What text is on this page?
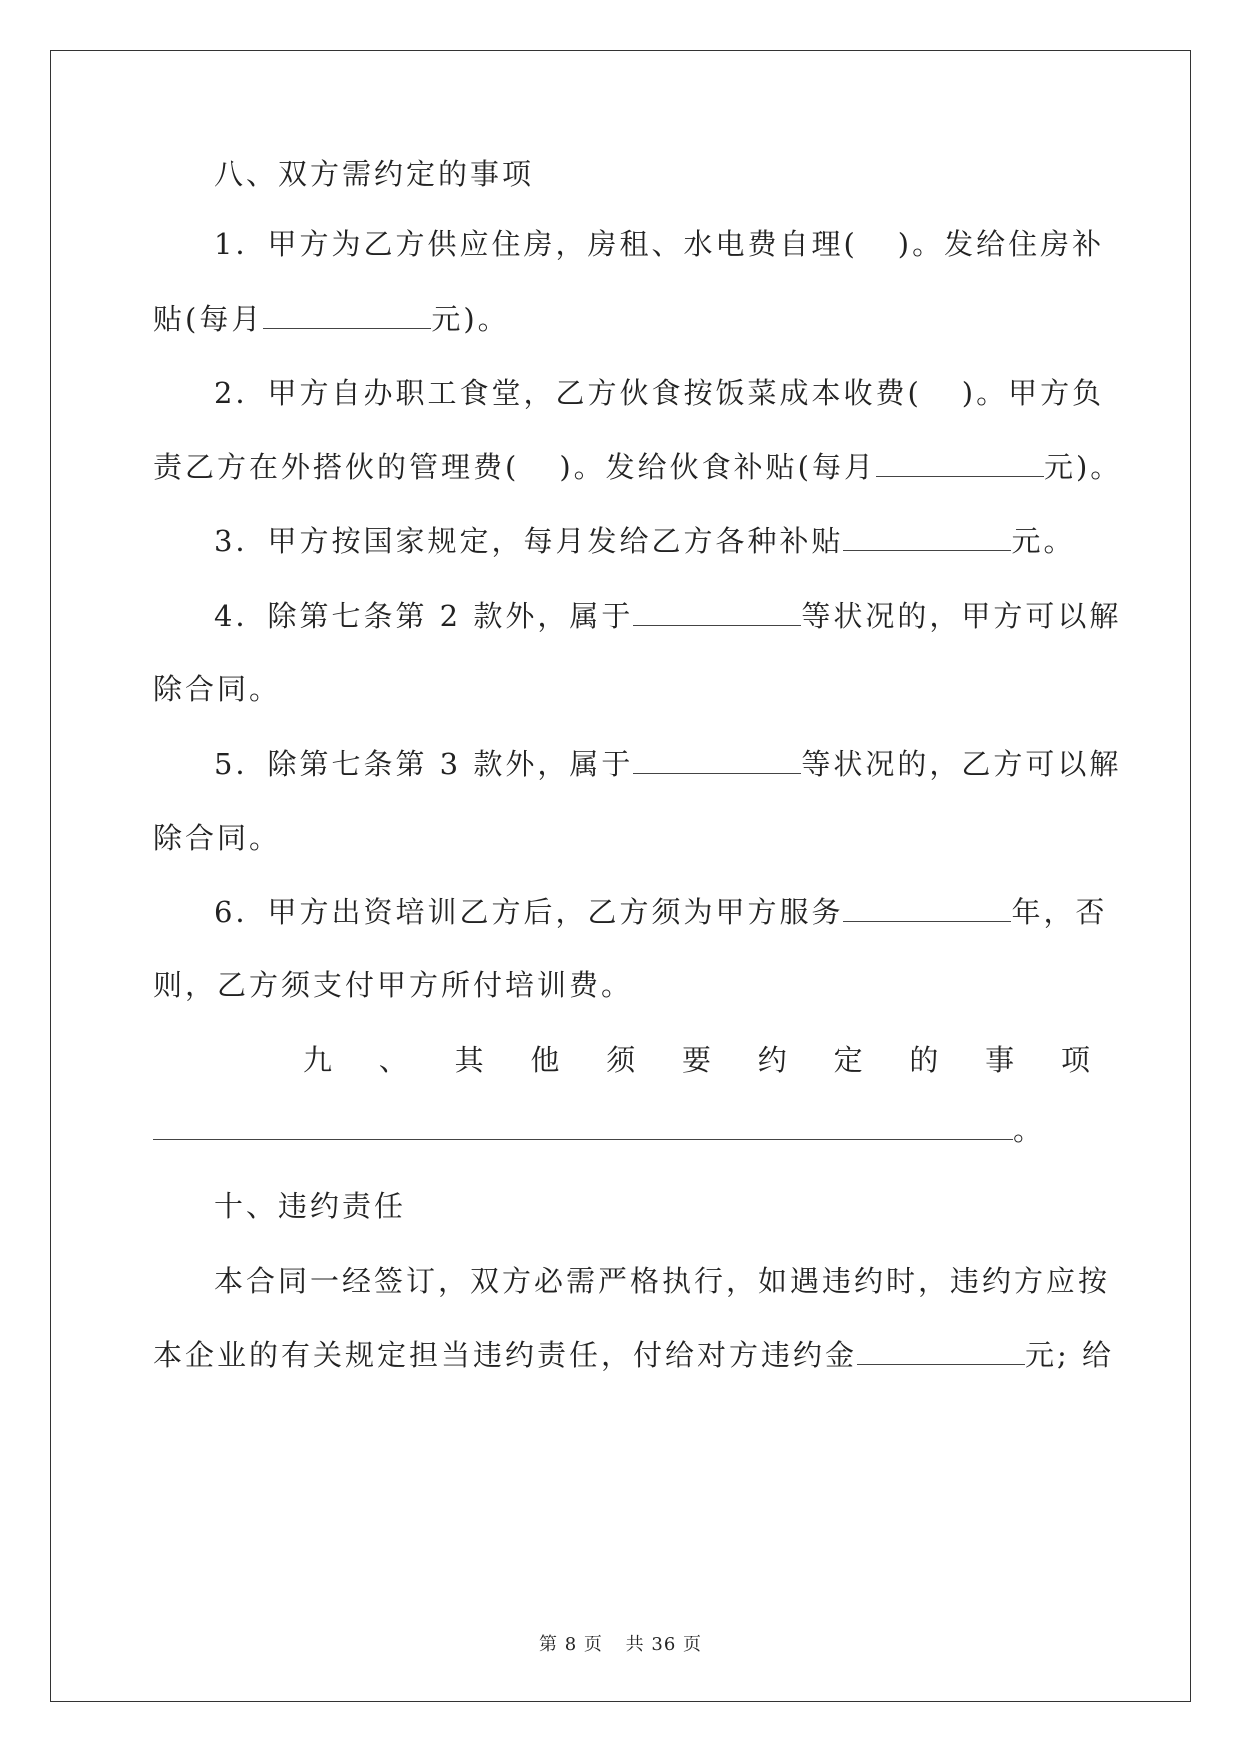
八、双方需约定的事项
1．甲方为乙方供应住房，房租、水电费自理( )。发给住房补
贴(每月	元)。
2．甲方自办职工食堂，乙方伙食按饭菜成本收费( )。甲方负
责乙方在外搭伙的管理费( )。发给伙食补贴(每月	元)。
3．甲方按国家规定，每月发给乙方各种补贴	元。
4．除第七条第 2 款外，属于	等状况的，甲方可以解
除合同。
5．除第七条第 3 款外，属于	等状况的，乙方可以解
除合同。
6．甲方出资培训乙方后，乙方须为甲方服务	年，否
则，乙方须支付甲方所付培训费。
九 、 其 他 须 要 约 定 的 事 项
。
十、违约责任
本合同一经签订，双方必需严格执行，如遇违约时，违约方应按
本企业的有关规定担当违约责任，付给对方违约金	元; 给
第 8 页 共 36 页
